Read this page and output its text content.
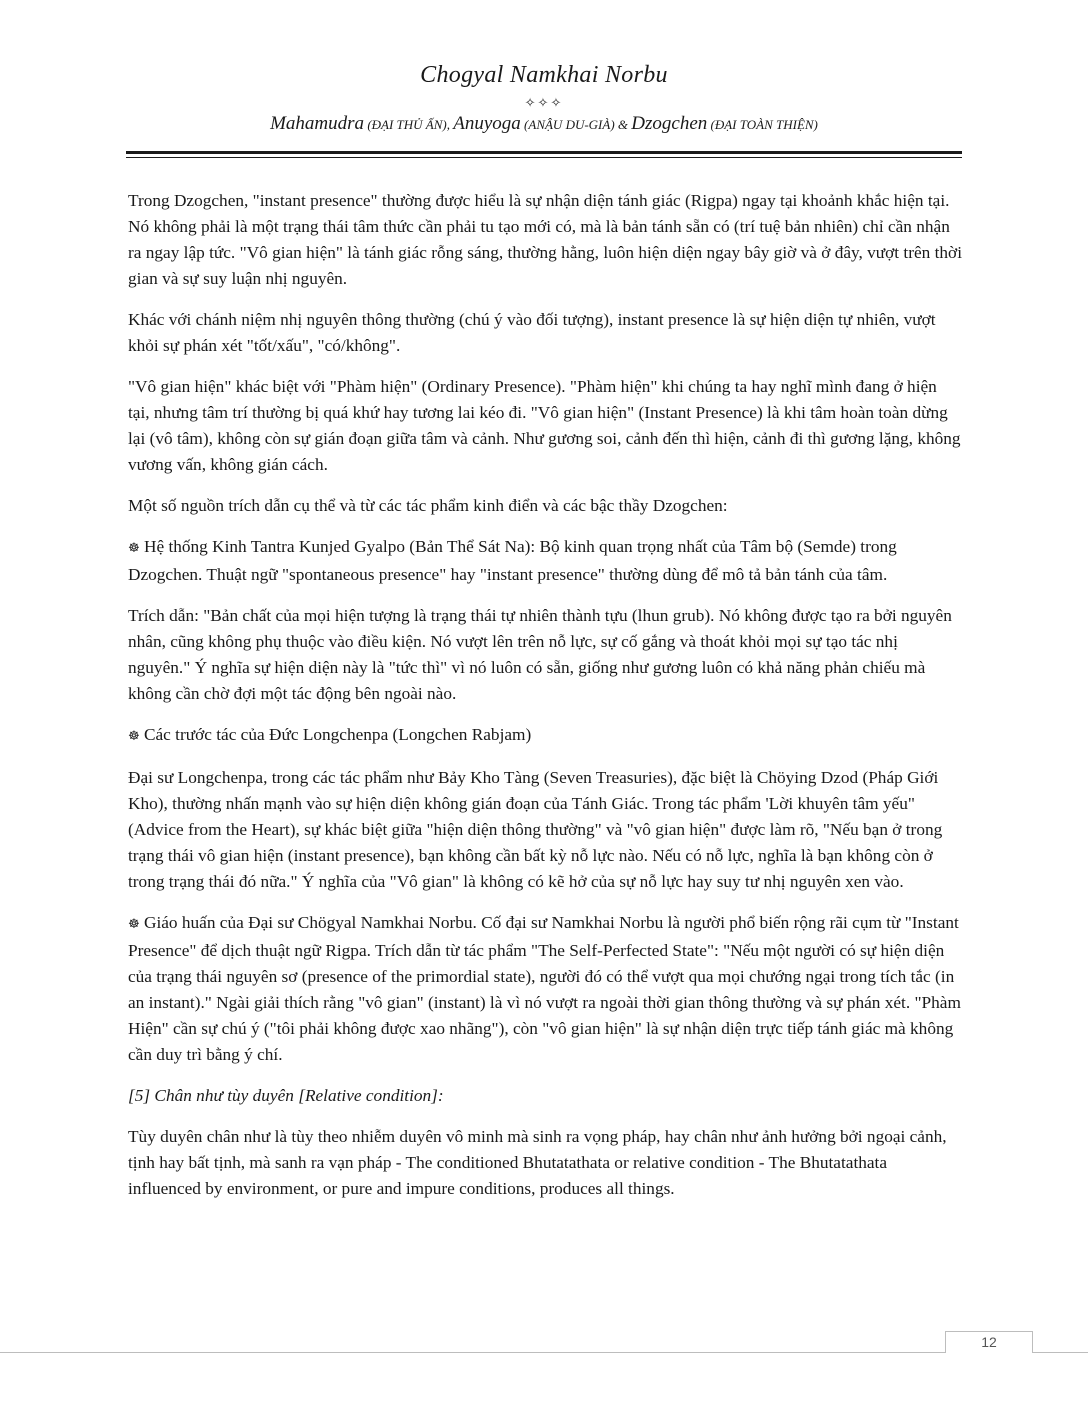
Chogyal Namkhai Norbu
✧✧✧
Mahamudra (ĐẠI THỦ ẤN), Anuyoga (ANẬU DU-GIÀ) & Dzogchen (ĐẠI TOÀN THIỆN)

Trong Dzogchen, "instant presence" thường được hiểu là sự nhận diện tánh giác (Rigpa) ngay tại khoảnh khắc hiện tại. Nó không phải là một trạng thái tâm thức cần phải tu tạo mới có, mà là bản tánh sẵn có (trí tuệ bản nhiên) chỉ cần nhận ra ngay lập tức. "Vô gian hiện" là tánh giác rỗng sáng, thường hằng, luôn hiện diện ngay bây giờ và ở đây, vượt trên thời gian và sự suy luận nhị nguyên.

Khác với chánh niệm nhị nguyên thông thường (chú ý vào đối tượng), instant presence là sự hiện diện tự nhiên, vượt khỏi sự phán xét "tốt/xấu", "có/không".

"Vô gian hiện" khác biệt với "Phàm hiện" (Ordinary Presence). "Phàm hiện" khi chúng ta hay nghĩ mình đang ở hiện tại, nhưng tâm trí thường bị quá khứ hay tương lai kéo đi. "Vô gian hiện" (Instant Presence) là khi tâm hoàn toàn dừng lại (vô tâm), không còn sự gián đoạn giữa tâm và cảnh. Như gương soi, cảnh đến thì hiện, cảnh đi thì gương lặng, không vương vấn, không gián cách.

Một số nguồn trích dẫn cụ thể và từ các tác phẩm kinh điển và các bậc thầy Dzogchen:

☸ Hệ thống Kinh Tantra Kunjed Gyalpo (Bản Thể Sát Na): Bộ kinh quan trọng nhất của Tâm bộ (Semde) trong Dzogchen. Thuật ngữ "spontaneous presence" hay "instant presence" thường dùng để mô tả bản tánh của tâm.

Trích dẫn: "Bản chất của mọi hiện tượng là trạng thái tự nhiên thành tựu (lhun grub). Nó không được tạo ra bởi nguyên nhân, cũng không phụ thuộc vào điều kiện. Nó vượt lên trên nỗ lực, sự cố gắng và thoát khỏi mọi sự tạo tác nhị nguyên." Ý nghĩa sự hiện diện này là "tức thì" vì nó luôn có sẵn, giống như gương luôn có khả năng phản chiếu mà không cần chờ đợi một tác động bên ngoài nào.

☸ Các trước tác của Đức Longchenpa (Longchen Rabjam)

Đại sư Longchenpa, trong các tác phẩm như Bảy Kho Tàng (Seven Treasuries), đặc biệt là Chöying Dzod (Pháp Giới Kho), thường nhấn mạnh vào sự hiện diện không gián đoạn của Tánh Giác. Trong tác phẩm 'Lời khuyên tâm yếu" (Advice from the Heart), sự khác biệt giữa "hiện diện thông thường" và "vô gian hiện" được làm rõ, "Nếu bạn ở trong trạng thái vô gian hiện (instant presence), bạn không cần bất kỳ nỗ lực nào. Nếu có nỗ lực, nghĩa là bạn không còn ở trong trạng thái đó nữa." Ý nghĩa của "Vô gian" là không có kẽ hở của sự nỗ lực hay suy tư nhị nguyên xen vào.

☸ Giáo huấn của Đại sư Chögyal Namkhai Norbu. Cố đại sư Namkhai Norbu là người phổ biến rộng rãi cụm từ "Instant Presence" để dịch thuật ngữ Rigpa. Trích dẫn từ tác phẩm "The Self-Perfected State": "Nếu một người có sự hiện diện của trạng thái nguyên sơ (presence of the primordial state), người đó có thể vượt qua mọi chướng ngại trong tích tắc (in an instant)." Ngài giải thích rằng "vô gian" (instant) là vì nó vượt ra ngoài thời gian thông thường và sự phán xét. "Phàm Hiện" cần sự chú ý ("tôi phải không được xao nhãng"), còn "vô gian hiện" là sự nhận diện trực tiếp tánh giác mà không cần duy trì bằng ý chí.

[5] Chân như tùy duyên [Relative condition]:

Tùy duyên chân như là tùy theo nhiễm duyên vô minh mà sinh ra vọng pháp, hay chân như ảnh hưởng bởi ngoại cảnh, tịnh hay bất tịnh, mà sanh ra vạn pháp - The conditioned Bhutatathata or relative condition - The Bhutatathata influenced by environment, or pure and impure conditions, produces all things.

12
